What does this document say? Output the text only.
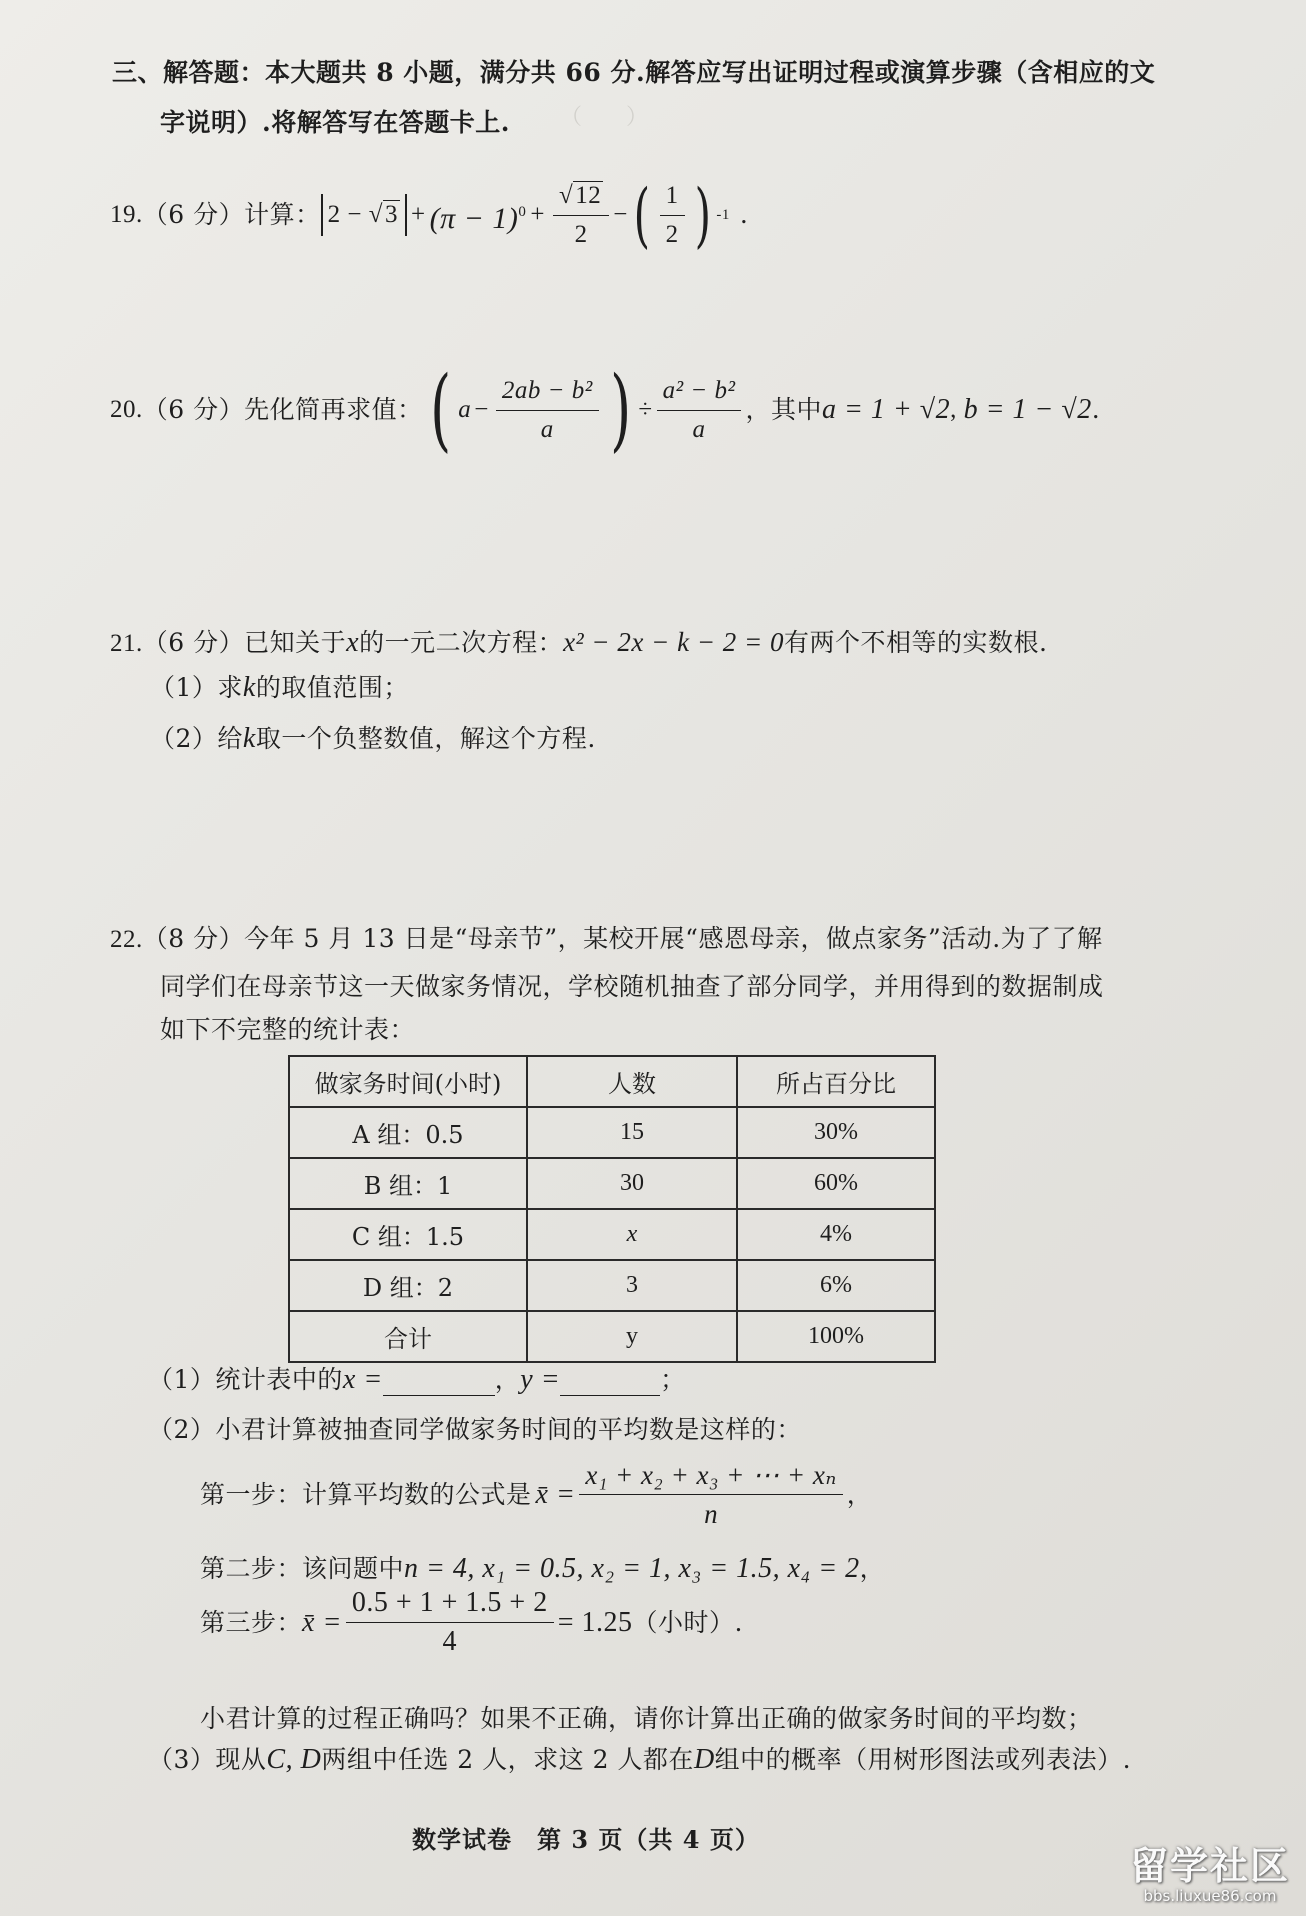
（　　）

三、解答题：本大题共 8 小题，满分共 66 分.解答应写出证明过程或演算步骤（含相应的文
字说明）.将解答写在答题卡上.
19. （6 分） 计算： $2 - √3 + (\pi - 1)^0 + \frac{√12}{2}$ − ( $\frac{1}{2}$ ) -1 .
20. （6 分） 先化简再求值： ( $a - \frac{\text{2ab − b²}}{a}$ ) ÷ $\frac{\text{a² − b²}}{a}$ ，其中 a = 1 + √2 , b = 1 − √2 .
21.（6 分）已知关于x的一元二次方程：x² − 2x − k − 2 = 0有两个不相等的实数根.
（1）求k的取值范围；
（2）给k取一个负整数值，解这个方程.
22.（8 分）今年 5 月 13 日是“母亲节”，某校开展“感恩母亲，做点家务”活动.为了了解
同学们在母亲节这一天做家务情况，学校随机抽查了部分同学，并用得到的数据制成
如下不完整的统计表：
做家务时间(小时)	人数	所占百分比
A 组：0.5	15	30%
B 组：1	30	60%
C 组：1.5	x	4%
D 组：2	3	6%
合计	y	100%
（1）统计表中的x =	，y =	；
（2）小君计算被抽查同学做家务时间的平均数是这样的：
第一步： 计算平均数的公式是 x̄ = $\frac{\text{x₁ + x₂ + x₃ + ⋯ + xₙ}}{n}$ ，
第二步：该问题中n = 4, x₁ = 0.5, x₂ = 1, x₃ = 1.5, x₄ = 2，
第三步： x̄ = $\frac{0.5 + 1 + 1.5 + 2}{4} = 1.25$ （小时）.
小君计算的过程正确吗？如果不正确，请你计算出正确的做家务时间的平均数；
（3）现从C, D两组中任选 2 人，求这 2 人都在D组中的概率（用树形图法或列表法）.
数学试卷　第 3 页（共 4 页）
留学社区
bbs.liuxue86.com
